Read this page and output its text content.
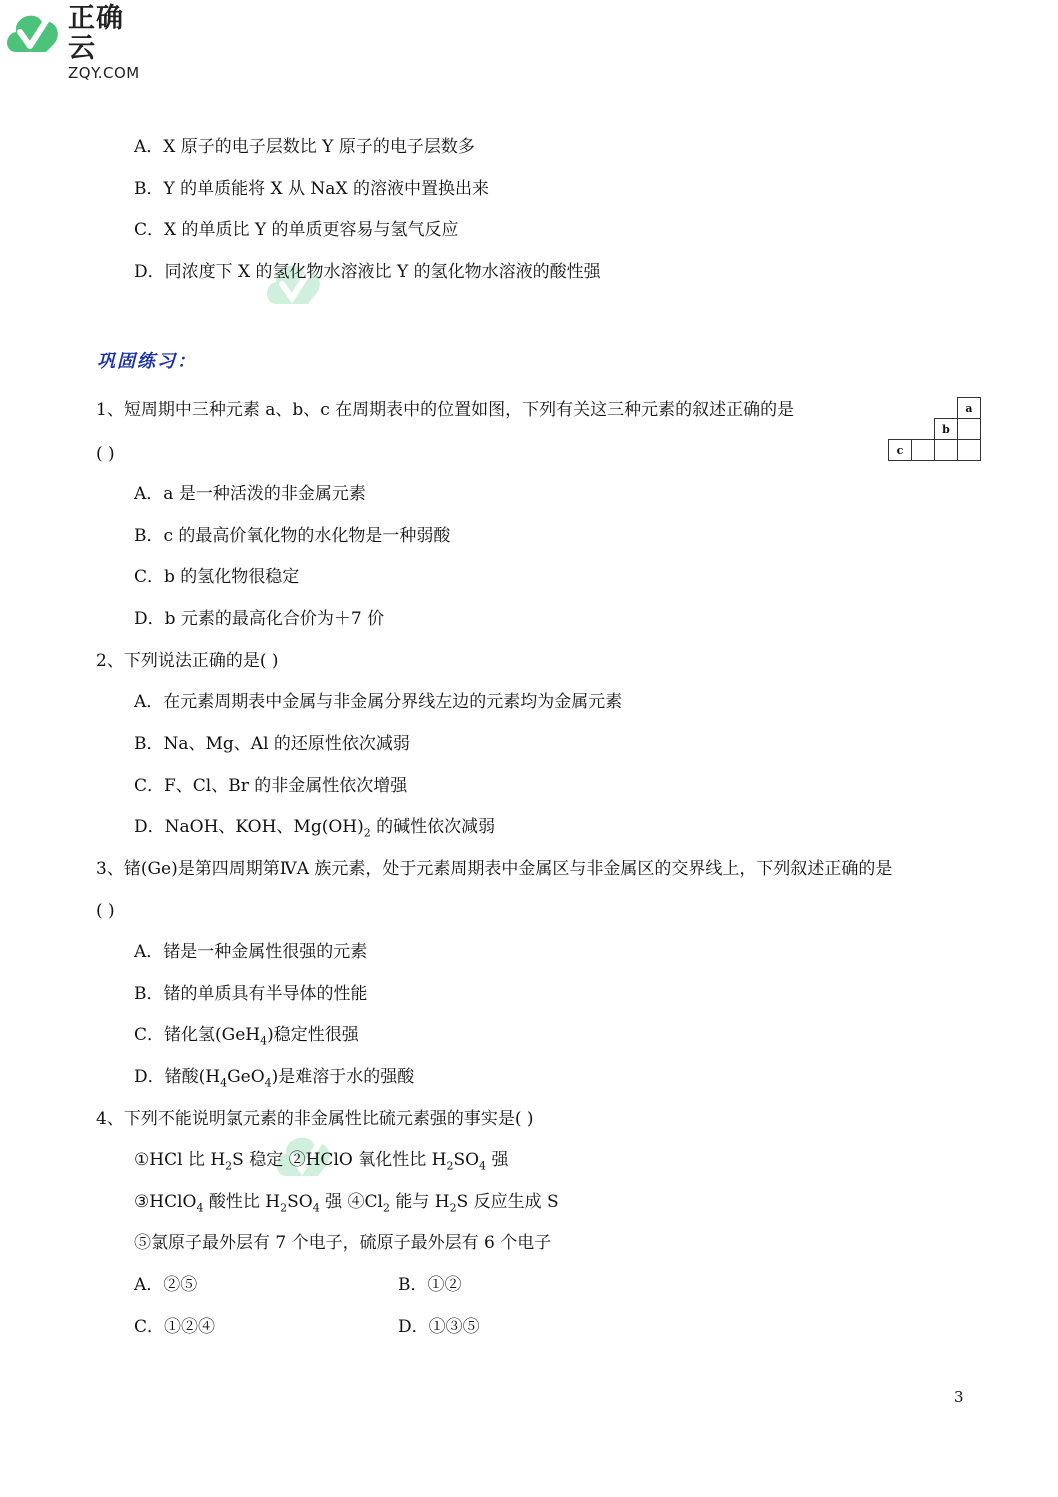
正确云
ZQY.COM
A．X 原子的电子层数比 Y 原子的电子层数多
B．Y 的单质能将 X 从 NaX 的溶液中置换出来
C．X 的单质比 Y 的单质更容易与氢气反应
D．同浓度下 X 的氢化物水溶液比 Y 的氢化物水溶液的酸性强
巩固练习：
1、短周期中三种元素 a、b、c 在周期表中的位置如图，下列有关这三种元素的叙述正确的是
( )
			a
		b	
c			
A．a 是一种活泼的非金属元素
B．c 的最高价氧化物的水化物是一种弱酸
C．b 的氢化物很稳定
D．b 元素的最高化合价为＋7 价
2、下列说法正确的是( )
A．在元素周期表中金属与非金属分界线左边的元素均为金属元素
B．Na、Mg、Al 的还原性依次减弱
C．F、Cl、Br 的非金属性依次增强
D．NaOH、KOH、$Mg(OH)_2$ 的碱性依次减弱
3、锗(Ge)是第四周期第ⅣA 族元素，处于元素周期表中金属区与非金属区的交界线上，下列叙述正确的是
( )
A．锗是一种金属性很强的元素
B．锗的单质具有半导体的性能
C．锗化氢(GeH$_4$)稳定性很强
D．锗酸$(H_4GeO_4)$是难溶于水的强酸
4、下列不能说明氯元素的非金属性比硫元素强的事实是( )
①HCl 比 $H_2S$ 稳定 ②HClO 氧化性比 $H_2SO_4$ 强
③HClO$_4$ 酸性比 $H_2SO_4$ 强 $④Cl_2$ 能与 $H_2S$ 反应生成 S
⑤氯原子最外层有 7 个电子，硫原子最外层有 6 个电子
A．②⑤	B．①②
C．①②④	D．①③⑤
3
